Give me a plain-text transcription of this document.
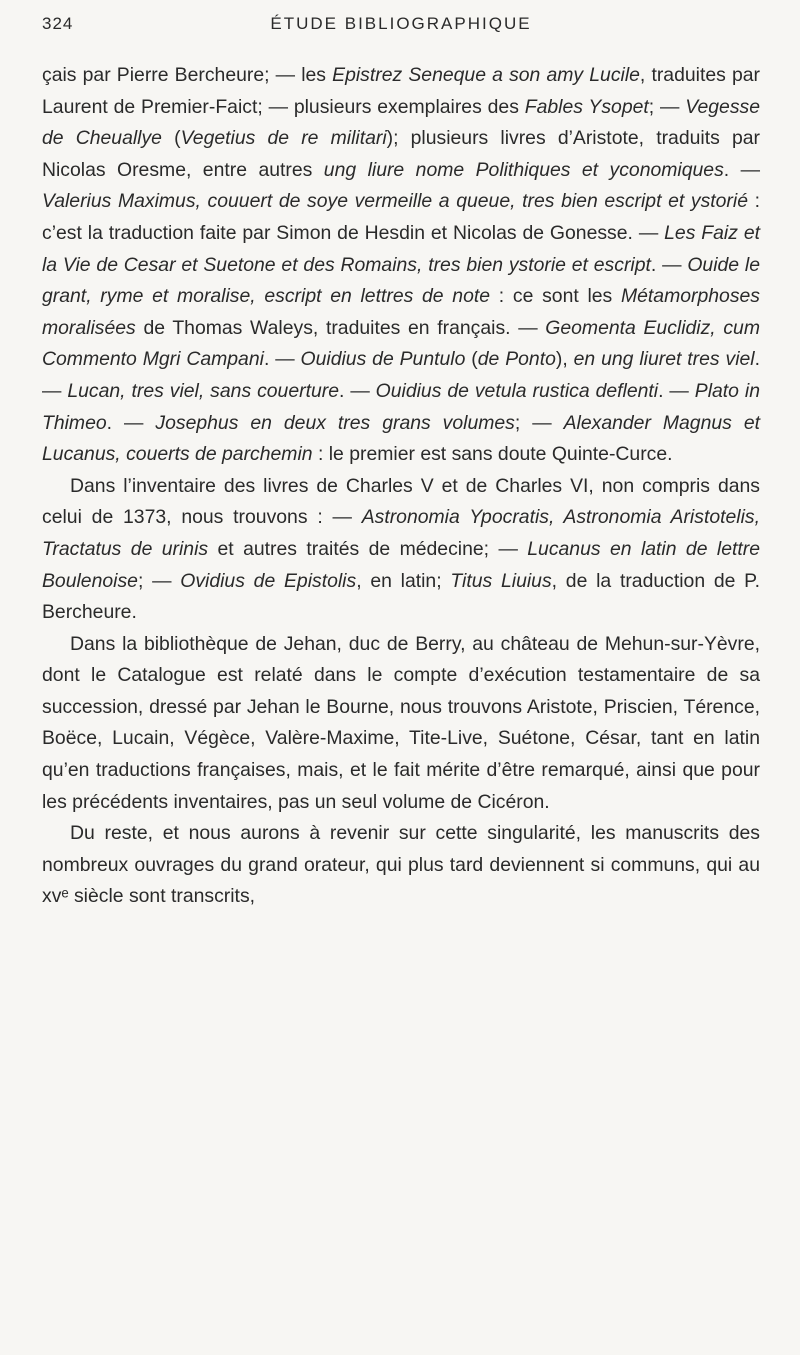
324	ÉTUDE BIBLIOGRAPHIQUE

çais par Pierre Bercheure; — les Epistrez Seneque a son amy Lucile, traduites par Laurent de Premier-Faict; — plusieurs exemplaires des Fables Ysopet; — Vegesse de Cheuallye (Vegetius de re militari); plusieurs livres d’Aristote, traduits par Nicolas Oresme, entre autres ung liure nome Polithiques et yconomiques. — Valerius Maximus, couuert de soye vermeille a queue, tres bien escript et ystorié : c’est la traduction faite par Simon de Hesdin et Nicolas de Gonesse. — Les Faiz et la Vie de Cesar et Suetone et des Romains, tres bien ystorie et escript. — Ouide le grant, ryme et moralise, escript en lettres de note : ce sont les Métamorphoses moralisées de Thomas Waleys, traduites en français. — Geomenta Euclidiz, cum Commento Mgri Campani. — Ouidius de Puntulo (de Ponto), en ung liuret tres viel. — Lucan, tres viel, sans couerture. — Ouidius de vetula rustica deflenti. — Plato in Thimeo. — Josephus en deux tres grans volumes; — Alexander Magnus et Lucanus, couerts de parchemin : le premier est sans doute Quinte-Curce.

Dans l’inventaire des livres de Charles V et de Charles VI, non compris dans celui de 1373, nous trouvons : — Astronomia Ypocratis, Astronomia Aristotelis, Tractatus de urinis et autres traités de médecine; — Lucanus en latin de lettre Boulenoise; — Ovidius de Epistolis, en latin; Titus Liuius, de la traduction de P. Bercheure.

Dans la bibliothèque de Jehan, duc de Berry, au château de Mehun-sur-Yèvre, dont le Catalogue est relaté dans le compte d’exécution testamentaire de sa succession, dressé par Jehan le Bourne, nous trouvons Aristote, Priscien, Térence, Boëce, Lucain, Végèce, Valère-Maxime, Tite-Live, Suétone, César, tant en latin qu’en traductions françaises, mais, et le fait mérite d’être remarqué, ainsi que pour les précédents inventaires, pas un seul volume de Cicéron.

Du reste, et nous aurons à revenir sur cette singularité, les manuscrits des nombreux ouvrages du grand orateur, qui plus tard deviennent si communs, qui au xvᵉ siècle sont transcrits,
